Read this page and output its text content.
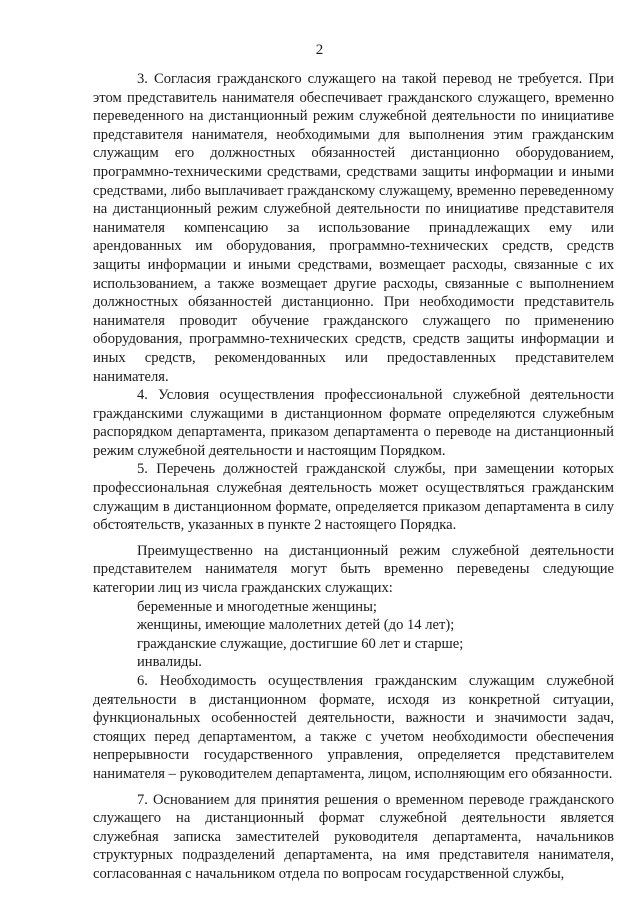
2

3. Согласия гражданского служащего на такой перевод не требуется. При этом представитель нанимателя обеспечивает гражданского служащего, временно переведенного на дистанционный режим служебной деятельности по инициативе представителя нанимателя, необходимыми для выполнения этим гражданским служащим его должностных обязанностей дистанционно оборудованием, программно-техническими средствами, средствами защиты информации и иными средствами, либо выплачивает гражданскому служащему, временно переведенному на дистанционный режим служебной деятельности по инициативе представителя нанимателя компенсацию за использование принадлежащих ему или арендованных им оборудования, программно-технических средств, средств защиты информации и иными средствами, возмещает расходы, связанные с их использованием, а также возмещает другие расходы, связанные с выполнением должностных обязанностей дистанционно. При необходимости представитель нанимателя проводит обучение гражданского служащего по применению оборудования, программно-технических средств, средств защиты информации и иных средств, рекомендованных или предоставленных представителем нанимателя.

4. Условия осуществления профессиональной служебной деятельности гражданскими служащими в дистанционном формате определяются служебным распорядком департамента, приказом департамента о переводе на дистанционный режим служебной деятельности и настоящим Порядком.

5. Перечень должностей гражданской службы, при замещении которых профессиональная служебная деятельность может осуществляться гражданским служащим в дистанционном формате, определяется приказом департамента в силу обстоятельств, указанных в пункте 2 настоящего Порядка.

Преимущественно на дистанционный режим служебной деятельности представителем нанимателя могут быть временно переведены следующие категории лиц из числа гражданских служащих:

беременные и многодетные женщины;

женщины, имеющие малолетних детей (до 14 лет);

гражданские служащие, достигшие 60 лет и старше;

инвалиды.

6. Необходимость осуществления гражданским служащим служебной деятельности в дистанционном формате, исходя из конкретной ситуации, функциональных особенностей деятельности, важности и значимости задач, стоящих перед департаментом, а также с учетом необходимости обеспечения непрерывности государственного управления, определяется представителем нанимателя – руководителем департамента, лицом, исполняющим его обязанности.

7. Основанием для принятия решения о временном переводе гражданского служащего на дистанционный формат служебной деятельности является служебная записка заместителей руководителя департамента, начальников структурных подразделений департамента, на имя представителя нанимателя, согласованная с начальником отдела по вопросам государственной службы,
